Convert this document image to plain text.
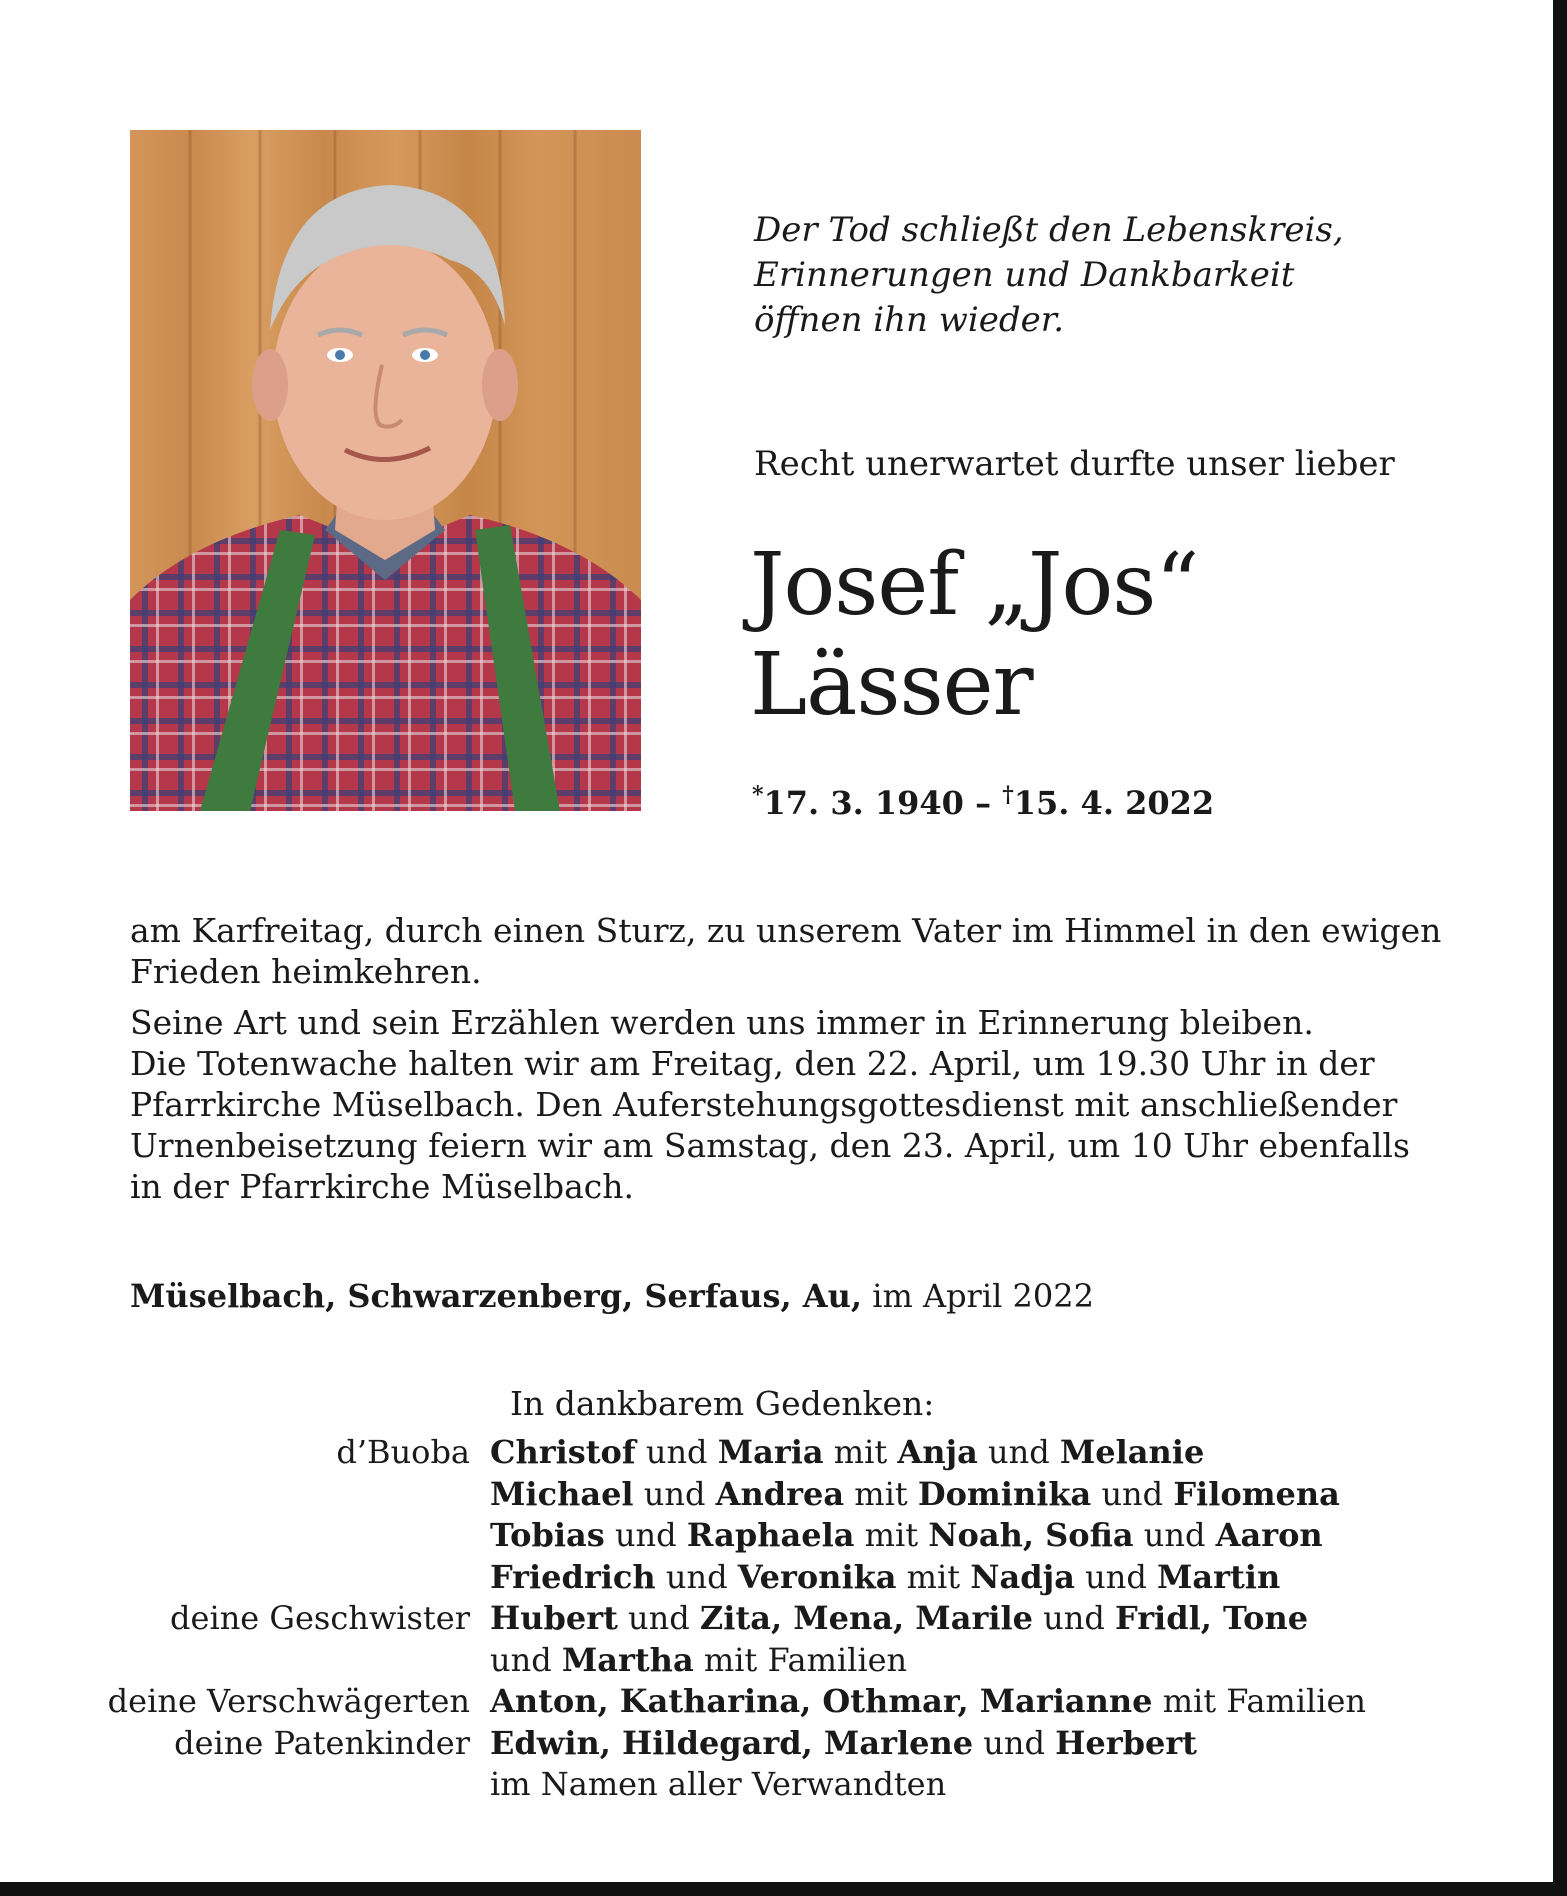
Der Tod schließt den Lebenskreis,
Erinnerungen und Dankbarkeit
öffnen ihn wieder.
Recht unerwartet durfte unser lieber
Josef „Jos“
Lässer
*17. 3. 1940 – †15. 4. 2022

am Karfreitag, durch einen Sturz, zu unserem Vater im Himmel in den ewigen
Frieden heimkehren.

Seine Art und sein Erzählen werden uns immer in Erinnerung bleiben.
Die Totenwache halten wir am Freitag, den 22. April, um 19.30 Uhr in der
Pfarrkirche Müselbach. Den Auferstehungsgottesdienst mit anschließender
Urnenbeisetzung feiern wir am Samstag, den 23. April, um 10 Uhr ebenfalls
in der Pfarrkirche Müselbach.

Müselbach, Schwarzenberg, Serfaus, Au, im April 2022
In dankbarem Gedenken:
d’Buoba Christof und Maria mit Anja und Melanie
Michael und Andrea mit Dominika und Filomena
Tobias und Raphaela mit Noah, Sofia und Aaron
Friedrich und Veronika mit Nadja und Martin
deine Geschwister Hubert und Zita, Mena, Marile und Fridl, Tone
und Martha mit Familien
deine Verschwägerten Anton, Katharina, Othmar, Marianne mit Familien
deine Patenkinder Edwin, Hildegard, Marlene und Herbert
im Namen aller Verwandten
